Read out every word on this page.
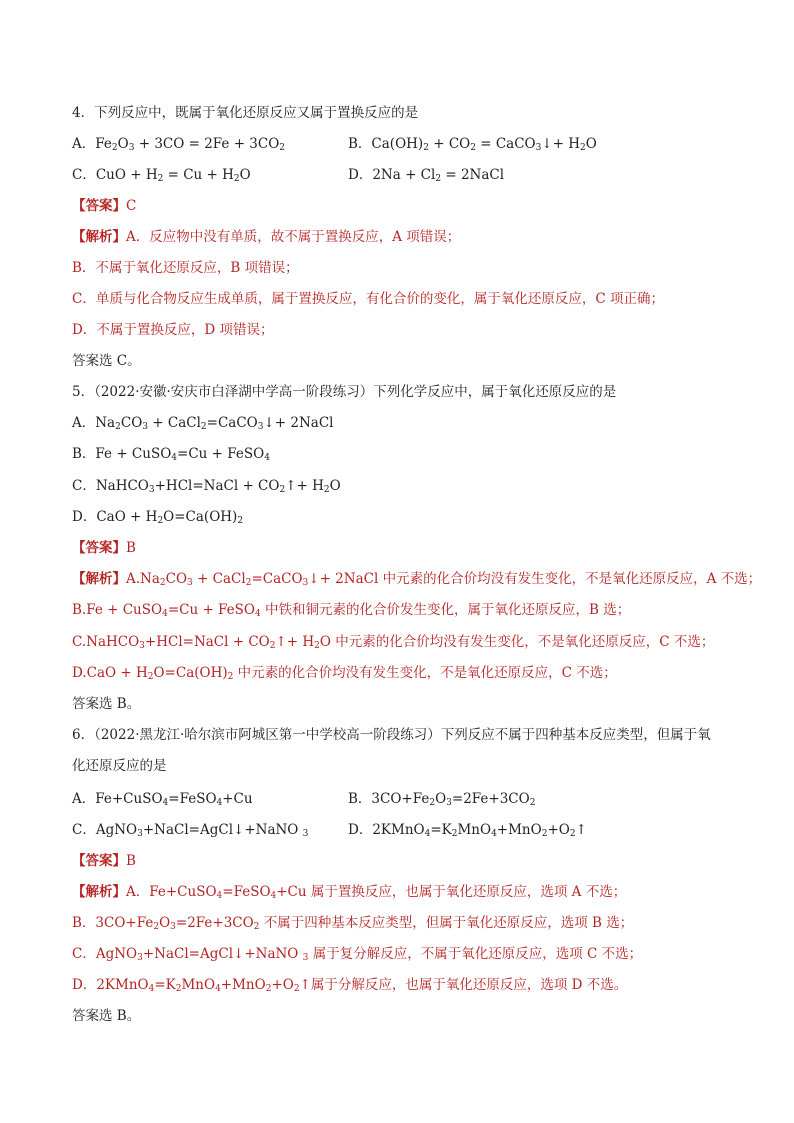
4．下列反应中，既属于氧化还原反应又属于置换反应的是
A．$Fe_2O_3 + 3CO = 2Fe + 3CO_2$	B．$Ca(OH)_2 + CO_2$ = CaCO$_3$↓+ $H_2O$
C．CuO + $H_2 = Cu + H_2O$	D．$2Na + Cl_2$ = 2NaCl
【答案】C
【解析】A．反应物中没有单质，故不属于置换反应，A 项错误；
B．不属于氧化还原反应，B 项错误；
C．单质与化合物反应生成单质，属于置换反应，有化合价的变化，属于氧化还原反应，C 项正确；
D．不属于置换反应，D 项错误；
答案选 C。
5．（2022·安徽·安庆市白泽湖中学高一阶段练习）下列化学反应中，属于氧化还原反应的是
A．$Na_2CO_3$ + CaCl$_2$=CaCO$_3$↓+ 2NaCl
B．Fe + CuSO$_4$=Cu + FeSO$_4$
C．NaHCO$_3$+HCl=NaCl + $CO_2↑+ H_2O$
D．CaO + $H_2O=Ca(OH)_2$
【答案】B
【解析】$A.Na_2CO_3$ + CaCl$_2$=CaCO$_3$↓+ 2NaCl 中元素的化合价均没有发生变化，不是氧化还原反应，A 不选；
B.Fe + CuSO$_4$=Cu + FeSO$_4$ 中铁和铜元素的化合价发生变化，属于氧化还原反应，B 选；
C.NaHCO$_3$+HCl=NaCl + $CO_2↑+ H_2O$ 中元素的化合价均没有发生变化，不是氧化还原反应，C 不选；
$D.CaO + H_2O=Ca(OH)_2$ 中元素的化合价均没有发生变化，不是氧化还原反应，C 不选；
答案选 B。
6．（2022·黑龙江·哈尔滨市阿城区第一中学校高一阶段练习）下列反应不属于四种基本反应类型，但属于氧
化还原反应的是
A．Fe+CuSO$_4$=FeSO$_4$+Cu	B．$3CO+Fe_2O_3=2Fe+3CO_2$
C．AgNO$_3$+NaCl=AgCl↓+NaNO $_3$	D．$2KMnO_4=K_2MnO_4+MnO_2+O_2↑$
【答案】B
【解析】A．Fe+CuSO$_4$=FeSO$_4$+Cu 属于置换反应，也属于氧化还原反应，选项 A 不选；
B．$3CO+Fe_2O_3=2Fe+3CO_2$ 不属于四种基本反应类型，但属于氧化还原反应，选项 B 选；
C．AgNO$_3$+NaCl=AgCl↓+NaNO $_3$ 属于复分解反应，不属于氧化还原反应，选项 C 不选；
D．$2KMnO_4=K_2MnO_4+MnO_2+O_2↑$属于分解反应，也属于氧化还原反应，选项 D 不选。
答案选 B。
